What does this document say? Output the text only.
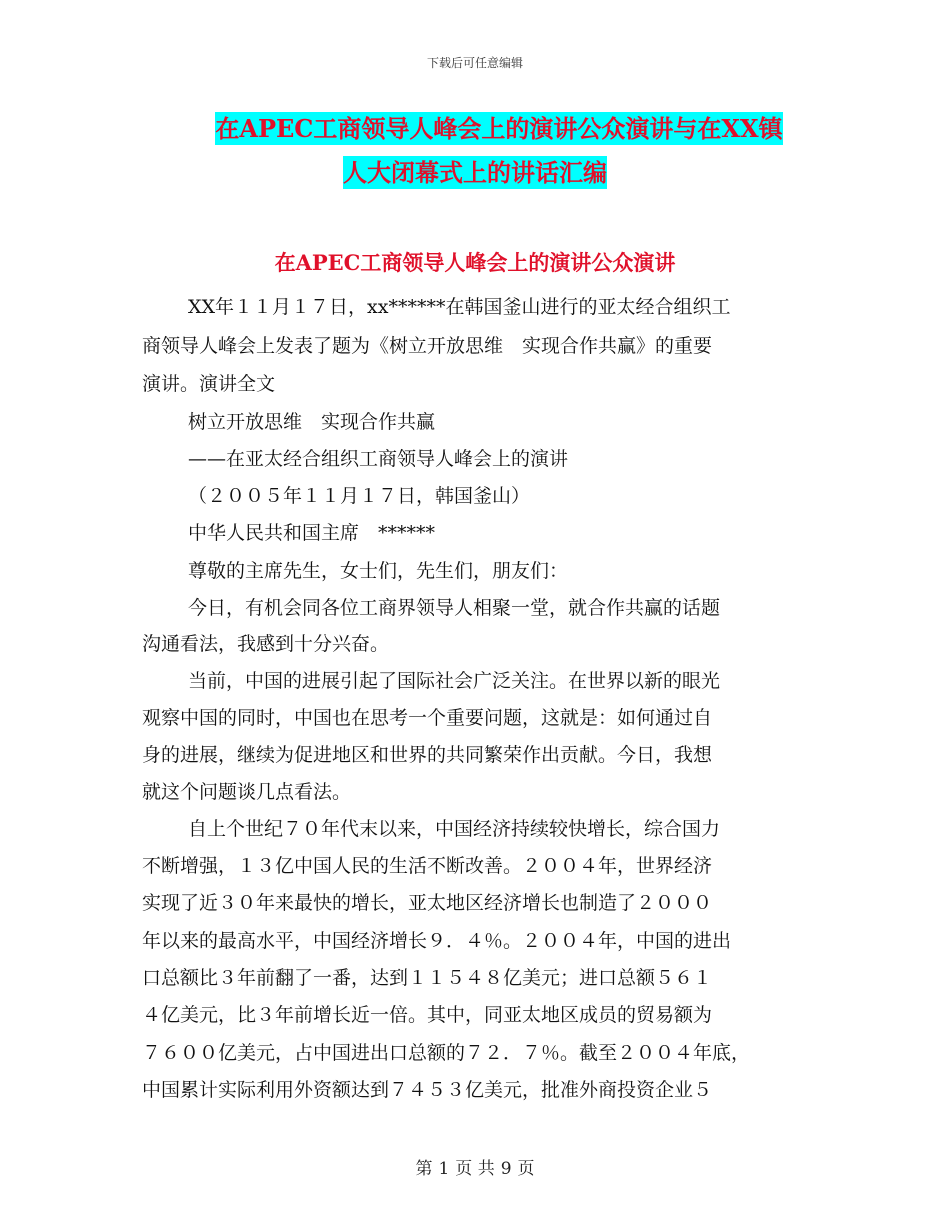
下载后可任意编辑
在APEC工商领导人峰会上的演讲公众演讲与在XX镇
人大闭幕式上的讲话汇编
在APEC工商领导人峰会上的演讲公众演讲
XX年１１月１７日，xx******在韩国釜山进行的亚太经合组织工
商领导人峰会上发表了题为《树立开放思维　实现合作共赢》的重要
演讲。演讲全文
树立开放思维　实现合作共赢
——在亚太经合组织工商领导人峰会上的演讲
（２００５年１１月１７日，韩国釜山）
中华人民共和国主席　******
尊敬的主席先生，女士们，先生们，朋友们：
今日，有机会同各位工商界领导人相聚一堂，就合作共赢的话题
沟通看法，我感到十分兴奋。
当前，中国的进展引起了国际社会广泛关注。在世界以新的眼光
观察中国的同时，中国也在思考一个重要问题，这就是：如何通过自
身的进展，继续为促进地区和世界的共同繁荣作出贡献。今日，我想
就这个问题谈几点看法。
自上个世纪７０年代末以来，中国经济持续较快增长，综合国力
不断增强，１３亿中国人民的生活不断改善。２００４年，世界经济
实现了近３０年来最快的增长，亚太地区经济增长也制造了２０００
年以来的最高水平，中国经济增长９．４％。２００４年，中国的进出
口总额比３年前翻了一番，达到１１５４８亿美元；进口总额５６１
４亿美元，比３年前增长近一倍。其中，同亚太地区成员的贸易额为
７６００亿美元，占中国进出口总额的７２．７％。截至２００４年底，
中国累计实际利用外资额达到７４５３亿美元，批准外商投资企业５
第 1 页 共 9 页
